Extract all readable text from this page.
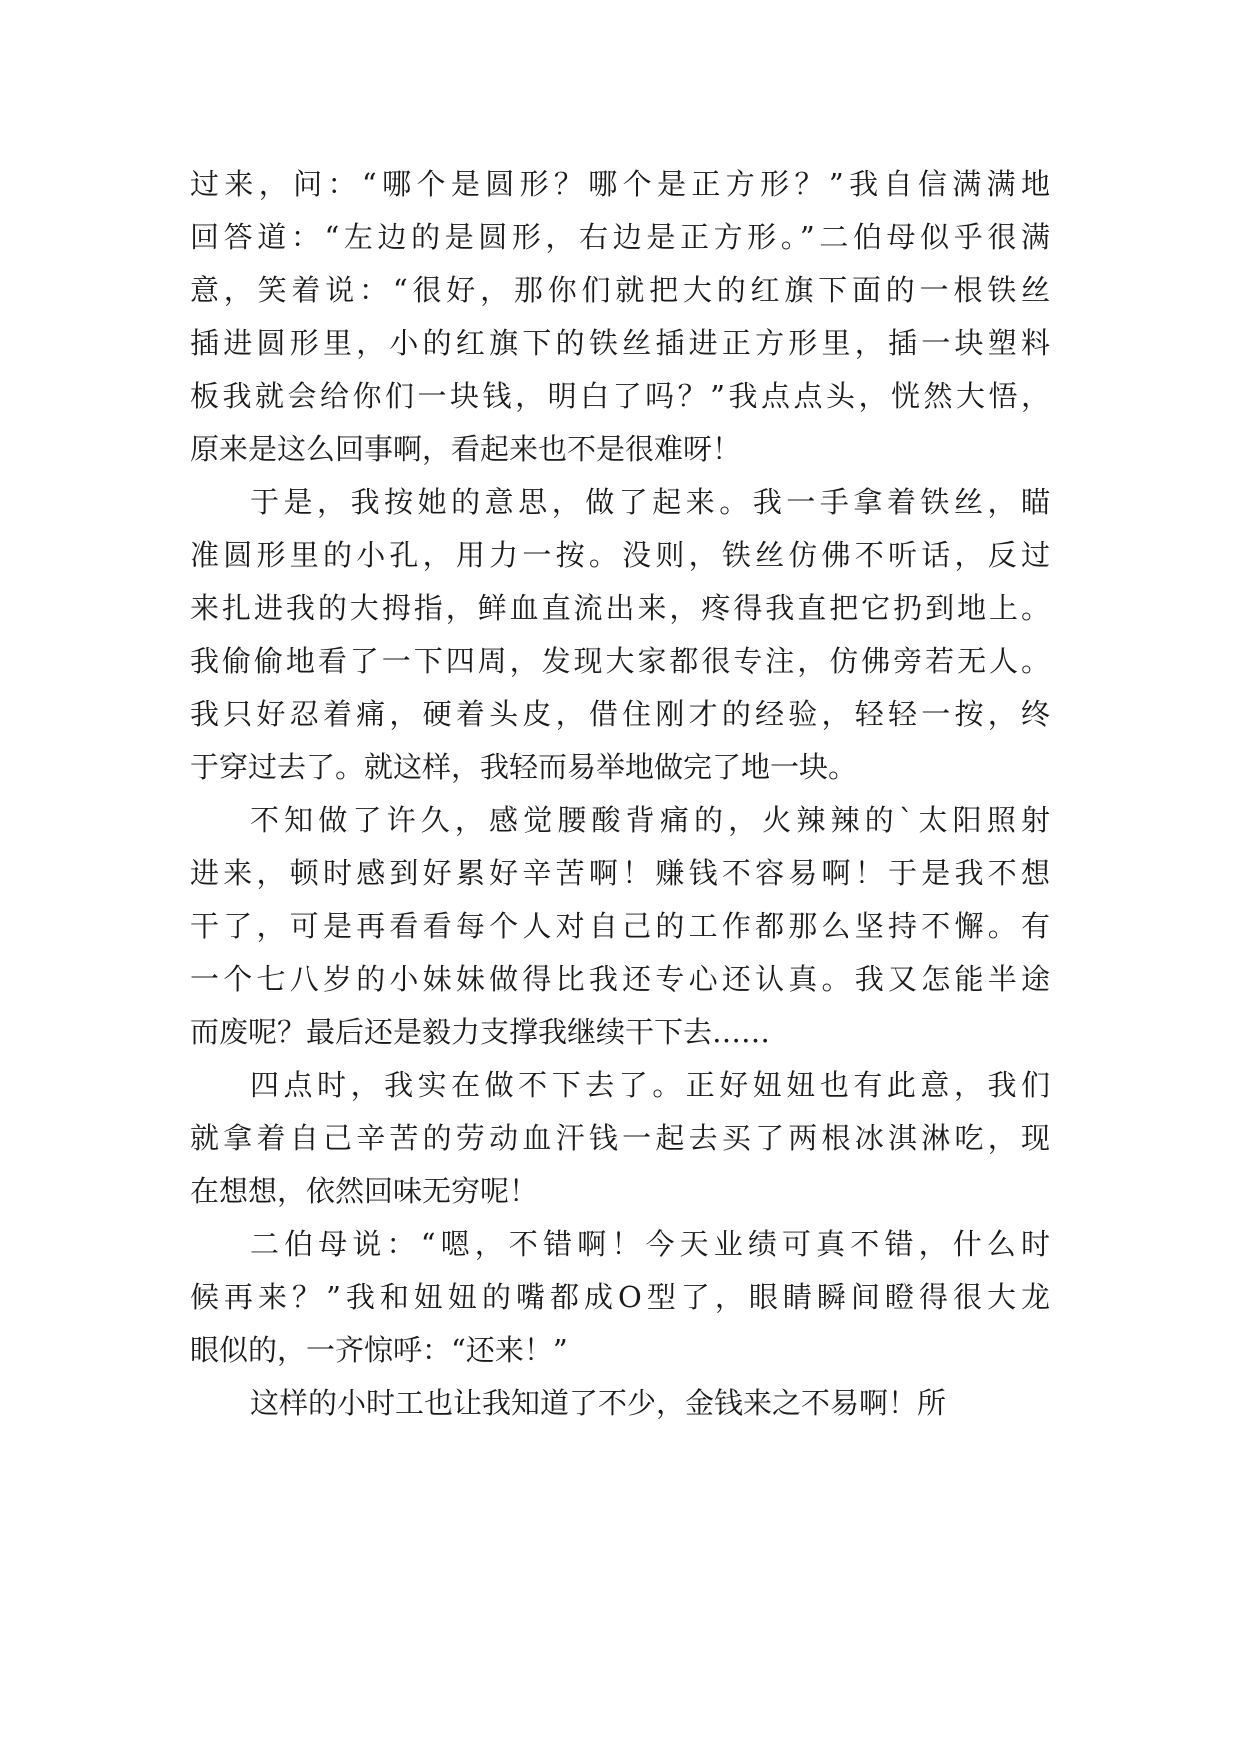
过来，问：“哪个是圆形？哪个是正方形？”我自信满满地
回答道：“左边的是圆形，右边是正方形。”二伯母似乎很满
意，笑着说：“很好，那你们就把大的红旗下面的一根铁丝
插进圆形里，小的红旗下的铁丝插进正方形里，插一块塑料
板我就会给你们一块钱，明白了吗？”我点点头，恍然大悟，
原来是这么回事啊，看起来也不是很难呀！
于是，我按她的意思，做了起来。我一手拿着铁丝，瞄
准圆形里的小孔，用力一按。没则，铁丝仿佛不听话，反过
来扎进我的大拇指，鲜血直流出来，疼得我直把它扔到地上。
我偷偷地看了一下四周，发现大家都很专注，仿佛旁若无人。
我只好忍着痛，硬着头皮，借住刚才的经验，轻轻一按，终
于穿过去了。就这样，我轻而易举地做完了地一块。
不知做了许久，感觉腰酸背痛的，火辣辣的`太阳照射
进来，顿时感到好累好辛苦啊！赚钱不容易啊！于是我不想
干了，可是再看看每个人对自己的工作都那么坚持不懈。有
一个七八岁的小妹妹做得比我还专心还认真。我又怎能半途
而废呢？最后还是毅力支撑我继续干下去……
四点时，我实在做不下去了。正好妞妞也有此意，我们
就拿着自己辛苦的劳动血汗钱一起去买了两根冰淇淋吃，现
在想想，依然回味无穷呢！
二伯母说：“嗯，不错啊！今天业绩可真不错，什么时
候再来？”我和妞妞的嘴都成O型了，眼睛瞬间瞪得很大龙
眼似的，一齐惊呼：“还来！”
这样的小时工也让我知道了不少，金钱来之不易啊！所
